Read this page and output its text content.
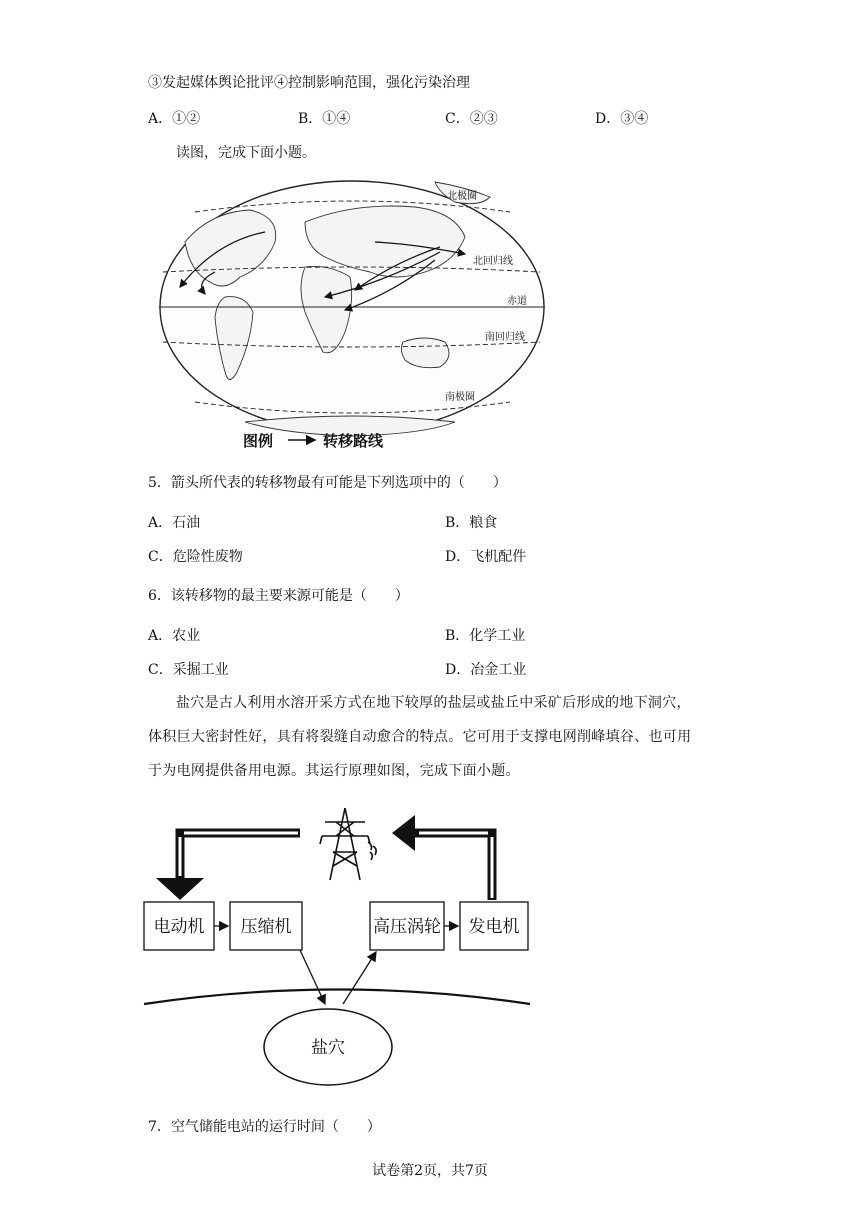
③发起媒体舆论批评④控制影响范围，强化污染治理
A．①②	B．①④	C．②③	D．③④
读图，完成下面小题。
北极圈
北回归线
赤道
南回归线
南极圈
图例	转移路线
5．箭头所代表的转移物最有可能是下列选项中的（　　）
A．石油	B．粮食
C．危险性废物	D．飞机配件
6．该转移物的最主要来源可能是（　　）
A．农业	B．化学工业
C．采掘工业	D．冶金工业

盐穴是古人利用水溶开采方式在地下较厚的盐层或盐丘中采矿后形成的地下洞穴，

体积巨大密封性好，具有将裂缝自动愈合的特点。它可用于支撑电网削峰填谷、也可用

于为电网提供备用电源。其运行原理如图，完成下面小题。

电动机 压缩机	高压涡轮 发电机
盐穴
7．空气储能电站的运行时间（　　）
试卷第2页，共7页
